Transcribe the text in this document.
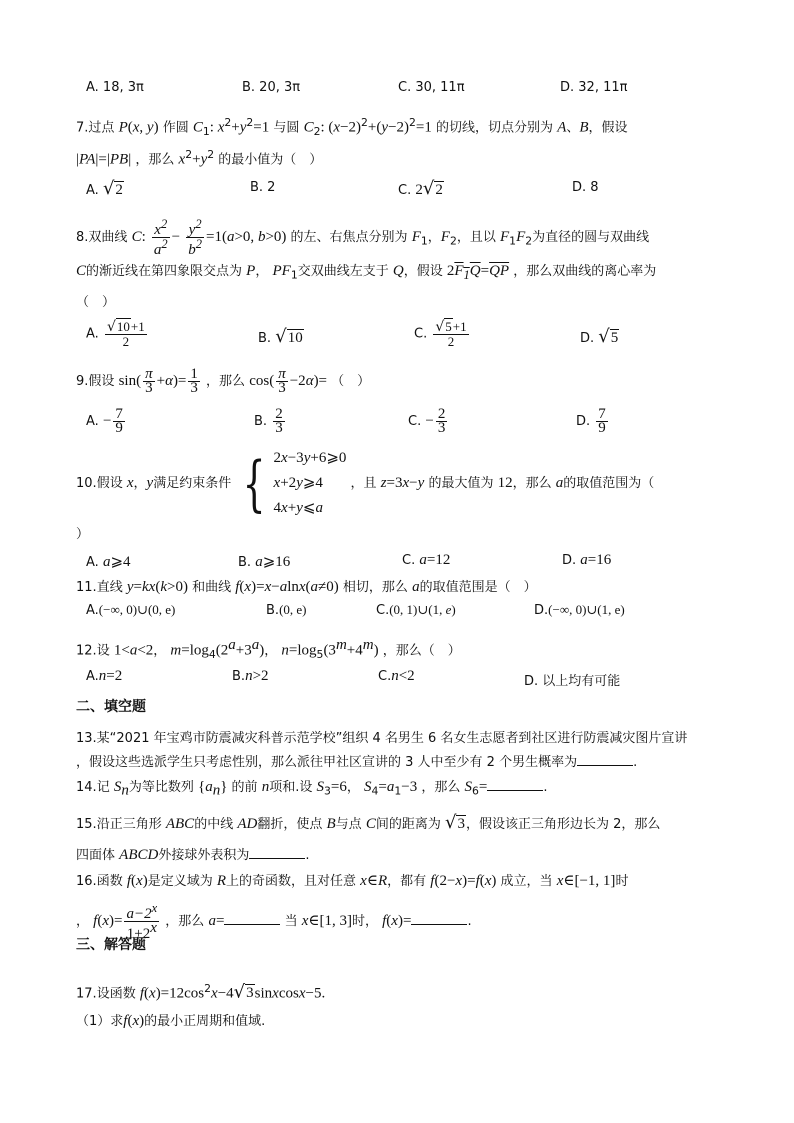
A. 18, 3π	B. 20, 3π	C. 30, 11π	D. 32, 11π
7.过点 P(x, y) 作圆 $C_1$: $x^2+y^2=1$ 与圆 $C_2$: $(x-2)^2+(y-2)^2=1$ 的切线，切点分别为 A、B，假设
|PA|=|PB| ，那么 $x^2+y^2$ 的最小值为（　）
A. √2	B. 2	C. 2√2	D. 8
8.双曲线 C: $\frac{x^2}{a^2} - \frac{y^2}{b^2} =1(a>0$, b>0) 的左、右焦点分别为 $F_1$，$F_2$，且以 $F_1F_2$为直径的圆与双曲线
C的渐近线在第四象限交点为 P， $PF_1$交双曲线左支于 Q，假设 $2F_1Q=\overline{QP}$ ，那么双曲线的离心率为
（　）
A. $\frac{√10+1}{2}$	B. √10	C. $\frac{√5+1}{2}$	D. √5
9.假设 $\sin( \frac{\pi}{3} +\alpha)= \frac{1}{3}$ ，那么 $\cos( \frac{\pi}{3} -2\alpha)=$ （　）
A. − $\frac{7}{9}$	B. $\frac{2}{3}$	C. − $\frac{2}{3}$	D. $\frac{7}{9}$
10.假设 x，y满足约束条件 { 2x−3y+6⩾0
x+2y⩾4
4x+y⩽a ，且 z=3x−y 的最大值为 12，那么 a的取值范围为（
）
A. a⩾4	B. a⩾16	C. a=12	D. a=16
11.直线 y=kx(k>0) 和曲线 f(x)=x−alnx(a≠0) 相切，那么 a的取值范围是（　）
A.(−∞, 0)∪(0, e)	B.(0, e)	C.(0, 1)∪(1, e)	D.(−∞, 0)∪(1, e)
12.设 1<a<2， $m=\log_4(2^a+3^a)$， $n=\log_5(3^m+4^m)$ ，那么（　）
A.n=2	B.n>2	C.n<2	D. 以上均有可能
二、填空题
13.某“2021 年宝鸡市防震减灾科普示范学校”组织 4 名男生 6 名女生志愿者到社区进行防震减灾图片宣讲
，假设这些选派学生只考虑性别，那么派往甲社区宣讲的 3 人中至少有 2 个男生概率为	.
14.记 $S_n$为等比数列 $\{a_n\}$ 的前 n项和.设 $S_3=6$， $S_4=a_1-3$ ，那么 $S_6=$	.
15.沿正三角形 ABC的中线 AD翻折，使点 B与点 C间的距离为 √3，假设该正三角形边长为 2，那么
四面体 ABCD外接球外表积为	.
16.函数 f(x)是定义域为 R上的奇函数，且对任意 x∈R，都有 f(2−x)=f(x) 成立，当 x∈[−1, 1]时
， $f(x)= \frac{a-2^x}{1+2^x}$ ，那么 a=	当 x∈[1, 3]时， f(x)=	.
三、解答题
17.设函数 $f(x)=12\cos^2x-4√3sinxcosx-5$.
（1）求f(x)的最小正周期和值域.
